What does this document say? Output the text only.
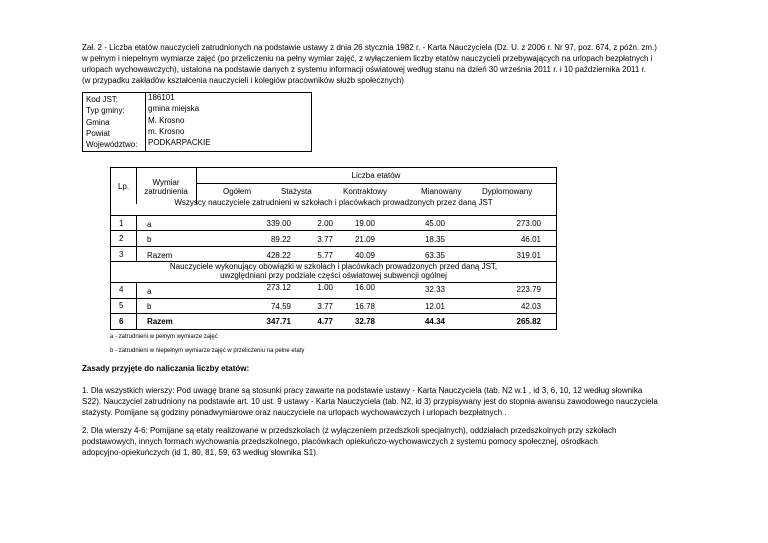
Zał. 2 - Liczba etatów nauczycieli zatrudnionych na podstawie ustawy z dnia 26 stycznia 1982 r. - Karta Nauczyciela (Dz. U. z 2006 r. Nr 97, poz. 674, z późn. zm.)
w pełnym i niepełnym wymiarze zajęć (po przeliczeniu na pełny wymiar zajęć, z wyłączeniem liczby etatów nauczycieli przebywających na urlopach bezpłatnych i
urlopach wychowawczych), ustalona na podstawie danych z systemu informacji oświatowej według stanu na dzień 30 września 2011 r. i 10 października 2011 r.
(w przypadku zakładów kształcenia nauczycieli i kolegiów pracowników służb społecznych)
Kod JST:	186101
Typ gminy:	gmina miejska
Gmina	M. Krosno
Powiat	m. Krosno
Województwo: PODKARPACKIE
Lp.	Wymiar
zatrudnienia
Liczba etatów
Ogółem	Stażysta	Kontraktowy	Mianowany	Dyplomowany
Wszyscy nauczyciele zatrudnieni w szkołach i placówkach prowadzonych przez daną JST
1	a	339.00	2.00	19.00	45.00	273.00
2	b	89.22	3.77	21.09	18.35	46.01
3	Razem	428.22	5.77	40.09	63.35	319.01
Nauczyciele wykonujący obowiązki w szkołach i placówkach prowadzonych przed daną JST,
uwzględniani przy podziale części oświatowej subwencji ogólnej
4	a	273.12	1.00	16.00	32.33	223.79
5	b	74.59	3.77	16.78	12.01	42.03
6	Razem	347.71	4.77	32.78	44.34	265.82
a - zatrudnieni w pełnym wymiarze zajęć
b - zatrudnieni w niepełnym wymiarze zajęć w przeliczeniu na pełne etaty
Zasady przyjęte do naliczania liczby etatów:
1. Dla wszystkich wierszy: Pod uwagę brane są stosunki pracy zawarte na podstawie ustawy - Karta Nauczyciela (tab. N2 w.1 , id 3, 6, 10, 12 według słownika
S22). Nauczyciel zatrudniony na podstawie art. 10 ust. 9 ustawy - Karta Nauczyciela (tab. N2, id 3) przypisywany jest do stopnia awansu zawodowego nauczyciela
stażysty. Pomijane są godziny ponadwymiarowe oraz nauczyciele na urlopach wychowawczych i urlopach bezpłatnych .
2. Dla wierszy 4-6: Pomijane są etaty realizowane w przedszkolach (z wyłączeniem przedszkoli specjalnych), oddziałach przedszkolnych przy szkołach
podstawowych, innych formach wychowania przedszkolnego, placówkach opiekuńczo-wychowawczych z systemu pomocy społecznej, ośrodkach
adopcyjno-opiekuńczych (id 1, 80, 81, 59, 63 według słownika S1).
